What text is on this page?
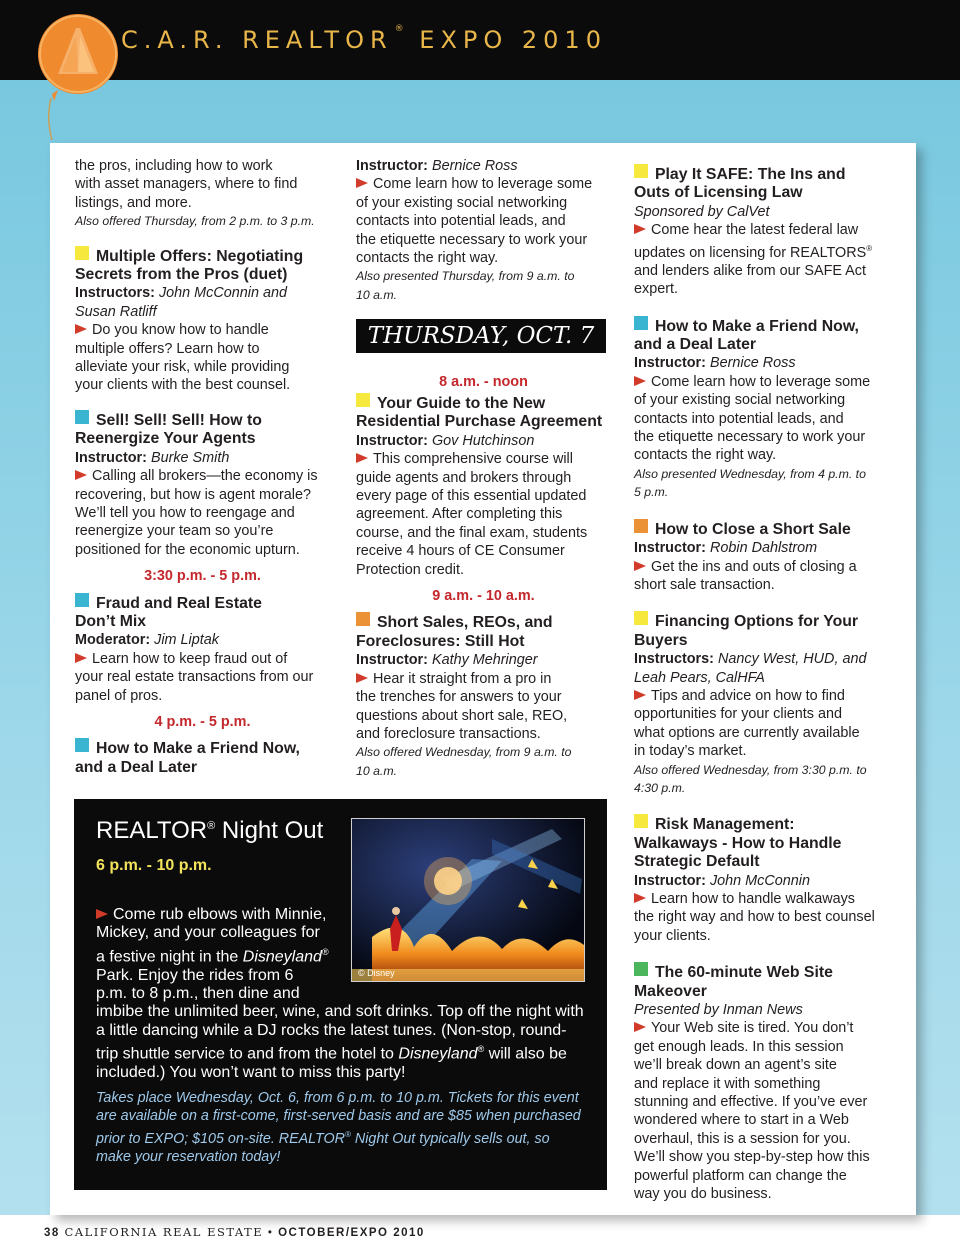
C.A.R. REALTOR ® EXPO 2010

the pros, including how to work

with asset managers, where to find

listings, and more.

Also offered Thursday, from 2 p.m. to 3 p.m.

Multiple Offers: Negotiating

Secrets from the Pros (duet)

Instructors: John McConnin and

Susan Ratliff

Do you know how to handle

multiple offers? Learn how to

alleviate your risk, while providing

your clients with the best counsel.

Sell! Sell! Sell! How to

Reenergize Your Agents

Instructor: Burke Smith

Calling all brokers—the economy is

recovering, but how is agent morale?

We’ll tell you how to reengage and

reenergize your team so you’re

positioned for the economic upturn.

3:30 p.m. - 5 p.m.

Fraud and Real Estate

Don’t Mix

Moderator: Jim Liptak

Learn how to keep fraud out of

your real estate transactions from our

panel of pros.

4 p.m. - 5 p.m.

How to Make a Friend Now,

and a Deal Later

Instructor: Bernice Ross

Come learn how to leverage some

of your existing social networking

contacts into potential leads, and

the etiquette necessary to work your

contacts the right way.

Also presented Thursday, from 9 a.m. to

10 a.m.

8 a.m. - noon

THURSDAY, OCT. 7

Your Guide to the New

Residential Purchase Agreement

Instructor: Gov Hutchinson

This comprehensive course will

guide agents and brokers through

every page of this essential updated

agreement. After completing this

course, and the final exam, students

receive 4 hours of CE Consumer

Protection credit.

9 a.m. - 10 a.m.

Short Sales, REOs, and

Foreclosures: Still Hot

Instructor: Kathy Mehringer

Hear it straight from a pro in

the trenches for answers to your

questions about short sale, REO,

and foreclosure transactions.

Also offered Wednesday, from 9 a.m. to

10 a.m.

Play It SAFE: The Ins and

Outs of Licensing Law

Sponsored by CalVet

Come hear the latest federal law

updates on licensing for REALTORS®

and lenders alike from our SAFE Act

expert.

How to Make a Friend Now,

and a Deal Later

Instructor: Bernice Ross

Come learn how to leverage some

of your existing social networking

contacts into potential leads, and

the etiquette necessary to work your

contacts the right way.

Also presented Wednesday, from 4 p.m. to

5 p.m.

How to Close a Short Sale

Instructor: Robin Dahlstrom

Get the ins and outs of closing a

short sale transaction.

Financing Options for Your

Buyers

Instructors: Nancy West, HUD, and

Leah Pears, CalHFA

Tips and advice on how to find

opportunities for your clients and

what options are currently available

in today’s market.

Also offered Wednesday, from 3:30 p.m. to

4:30 p.m.

Risk Management:

Walkaways - How to Handle

Strategic Default

Instructor: John McConnin

Learn how to handle walkaways

the right way and how to best counsel

your clients.

The 60-minute Web Site

Makeover

Presented by Inman News

Your Web site is tired. You don’t

get enough leads. In this session

we’ll break down an agent’s site

and replace it with something

stunning and effective. If you’ve ever

wondered where to start in a Web

overhaul, this is a session for you.

We’ll show you step-by-step how this

powerful platform can change the

way you do business.

REALTOR® Night Out
6 p.m. - 10 p.m.
© Disney

Come rub elbows with Minnie,

Mickey, and your colleagues for

a festive night in the Disneyland®

Park. Enjoy the rides from 6

p.m. to 8 p.m., then dine and

imbibe the unlimited beer, wine, and soft drinks. Top off the night with

a little dancing while a DJ rocks the latest tunes. (Non-stop, round-

trip shuttle service to and from the hotel to Disneyland® will also be

included.) You won’t want to miss this party!

Takes place Wednesday, Oct. 6, from 6 p.m. to 10 p.m. Tickets for this event

are available on a first-come, first-served basis and are $85 when purchased

prior to EXPO; $105 on-site. REALTOR® Night Out typically sells out, so

make your reservation today!

38 CALIFORNIA REAL ESTATE • OCTOBER/EXPO 2010
